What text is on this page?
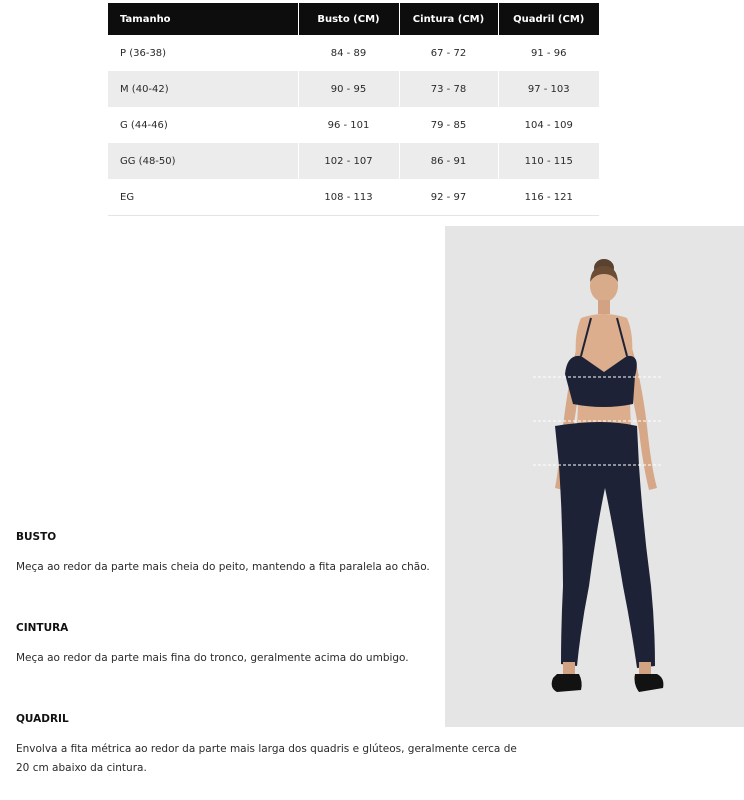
Tamanho	Busto (CM)	Cintura (CM)	Quadril (CM)
P (36-38)	84 - 89	67 - 72	91 - 96
M (40-42)	90 - 95	73 - 78	97 - 103
G (44-46)	96 - 101	79 - 85	104 - 109
GG (48-50)	102 - 107	86 - 91	110 - 115
EG	108 - 113	92 - 97	116 - 121
BUSTO
Meça ao redor da parte mais cheia do peito, mantendo a fita paralela ao chão.
CINTURA
Meça ao redor da parte mais fina do tronco, geralmente acima do umbigo.
QUADRIL
Envolva a fita métrica ao redor da parte mais larga dos quadris e glúteos, geralmente cerca de
20 cm abaixo da cintura.
